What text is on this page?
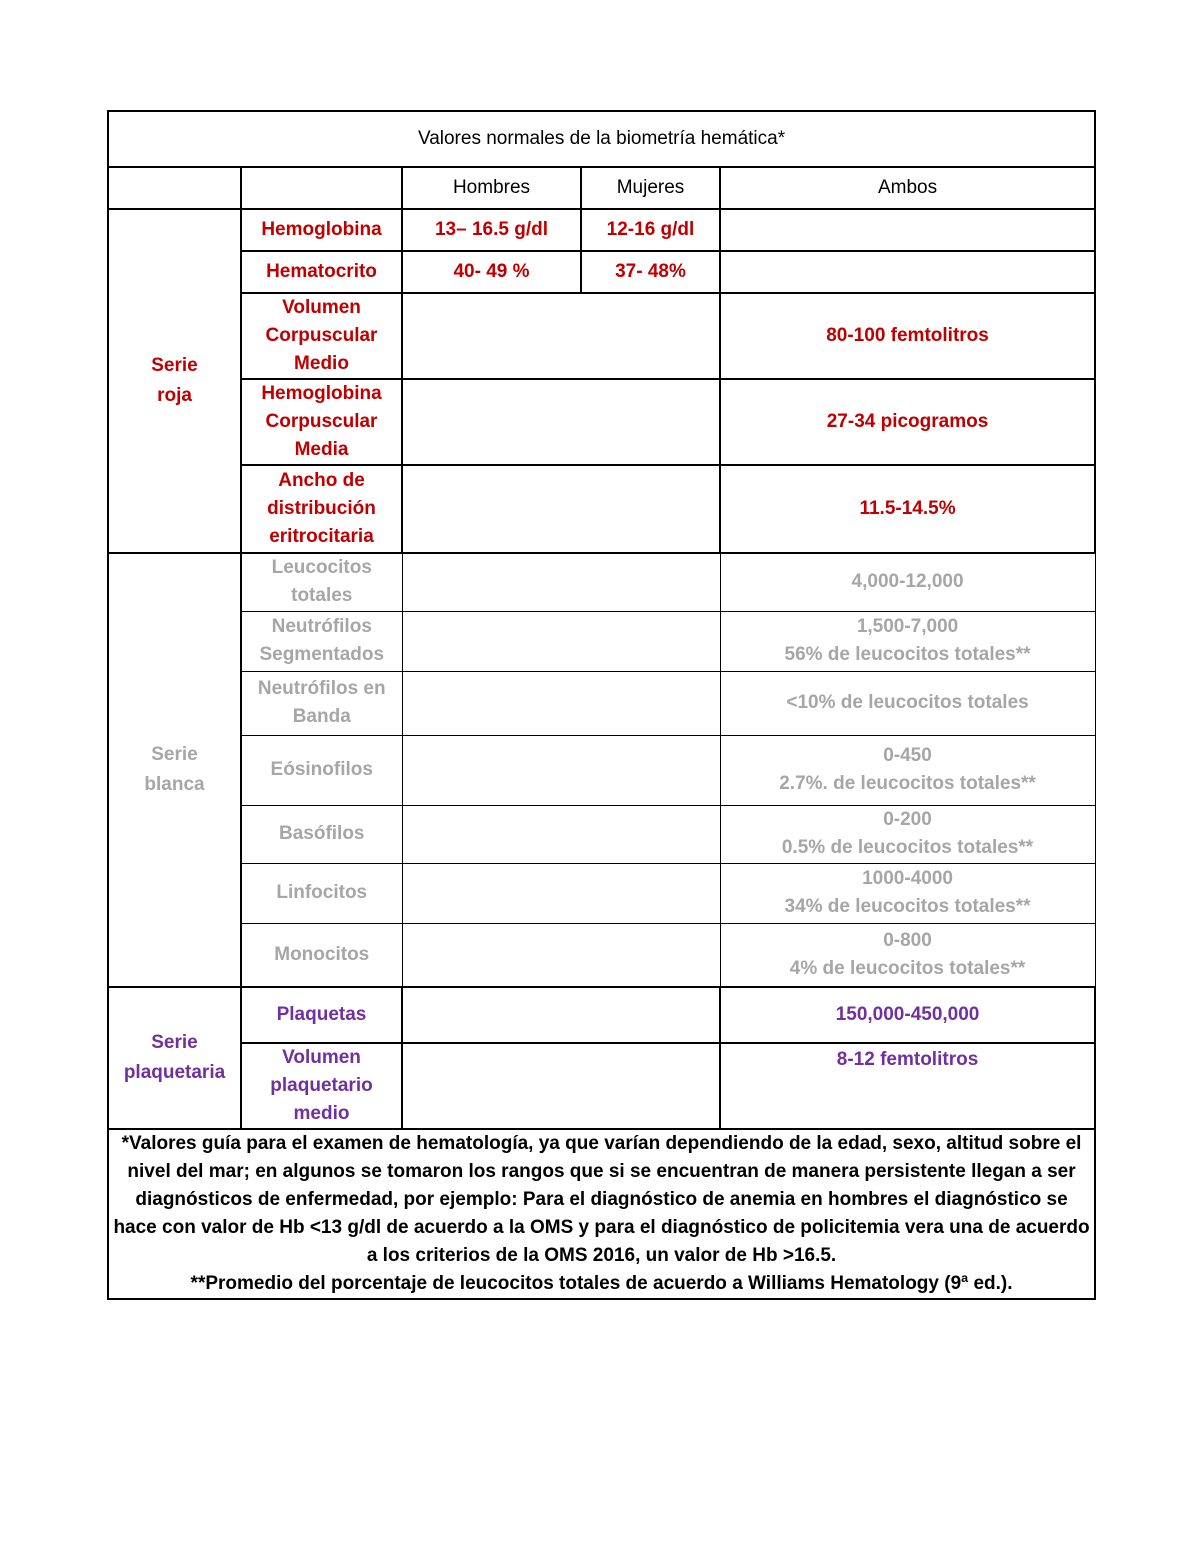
Valores normales de la biometría hemática*				
		Hombres	Mujeres	Ambos
Serie roja	Hemoglobina	13– 16.5 g/dl	12-16 g/dl	
	Hematocrito	40- 49 %	37- 48%	
	Volumen Corpuscular Medio			80-100 femtolitros
	Hemoglobina Corpuscular Media			27-34 picogramos
	Ancho de distribución eritrocitaria			11.5-14.5%
Serie blanca	Leucocitos totales			4,000-12,000
	Neutrófilos Segmentados			1,500-7,000
56% de leucocitos totales**

	Neutrófilos en Banda			<10% de leucocitos totales
	Eósinofilos			0-450
2.7%. de leucocitos totales**

	Basófilos			0-200
0.5% de leucocitos totales**

	Linfocitos			1000-4000
34% de leucocitos totales**

	Monocitos			0-800
4% de leucocitos totales**

Serie plaquetaria	Plaquetas			150,000-450,000
	Volumen plaquetario medio			8-12 femtolitros

*Valores guía para el examen de hematología, ya que varían dependiendo de la edad, sexo, altitud sobre el nivel del mar; en algunos se tomaron los rangos que si se encuentran de manera persistente llegan a ser diagnósticos de enfermedad, por ejemplo: Para el diagnóstico de anemia en hombres el diagnóstico se hace con valor de Hb <13 g/dl de acuerdo a la OMS y para el diagnóstico de policitemia vera una de acuerdo a los criterios de la OMS 2016, un valor de Hb >16.5.

**Promedio del porcentaje de leucocitos totales de acuerdo a Williams Hematology (9ª ed.).				
